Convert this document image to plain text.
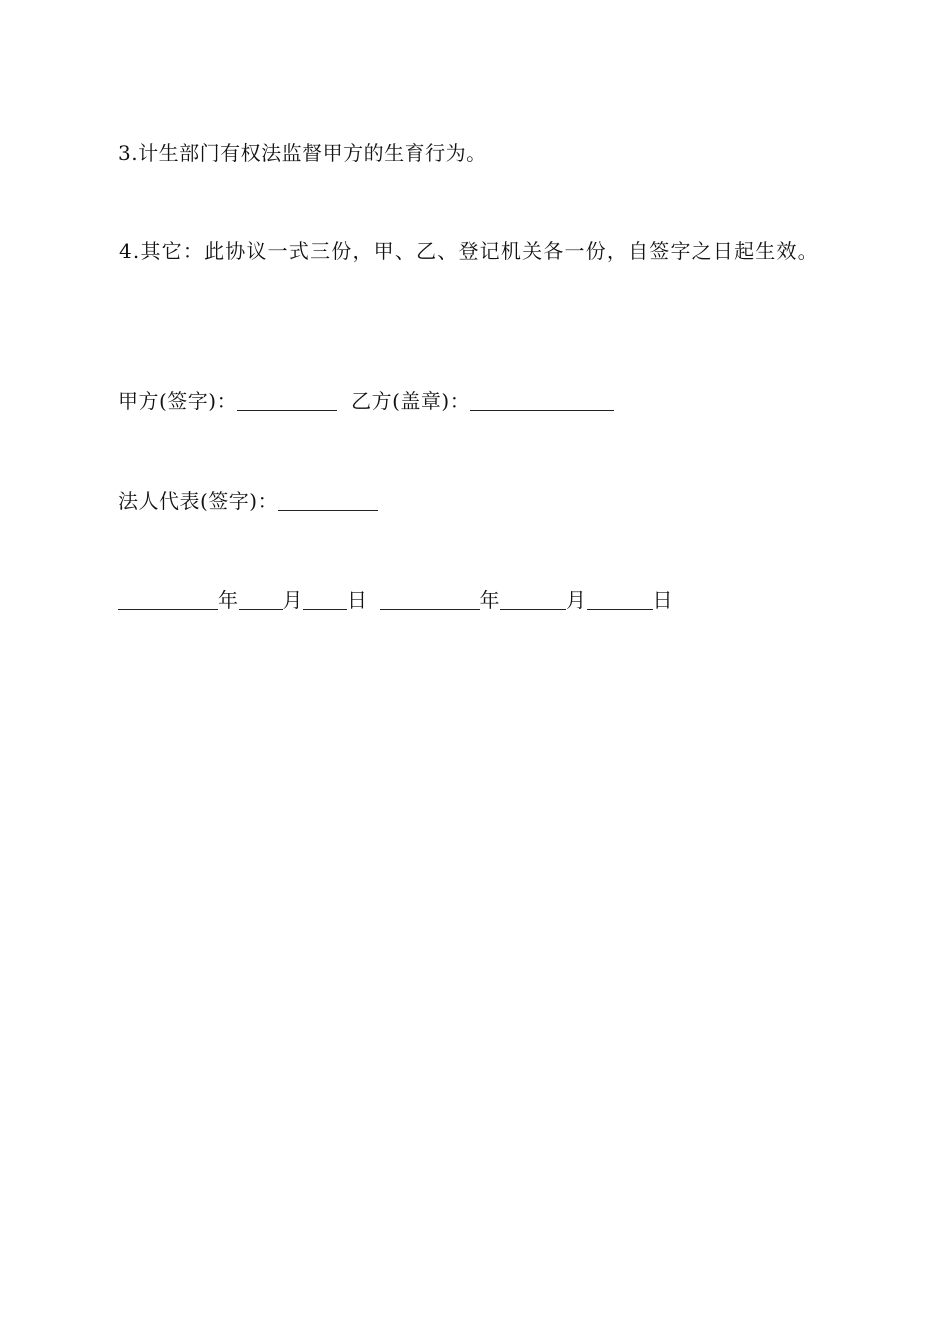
3.计生部门有权法监督甲方的生育行为。
4.其它：此协议一式三份，甲、乙、登记机关各一份，自签字之日起生效。
甲方(签字)：	乙方(盖章)：
法人代表(签字)：
年 月 日	年	月	日
